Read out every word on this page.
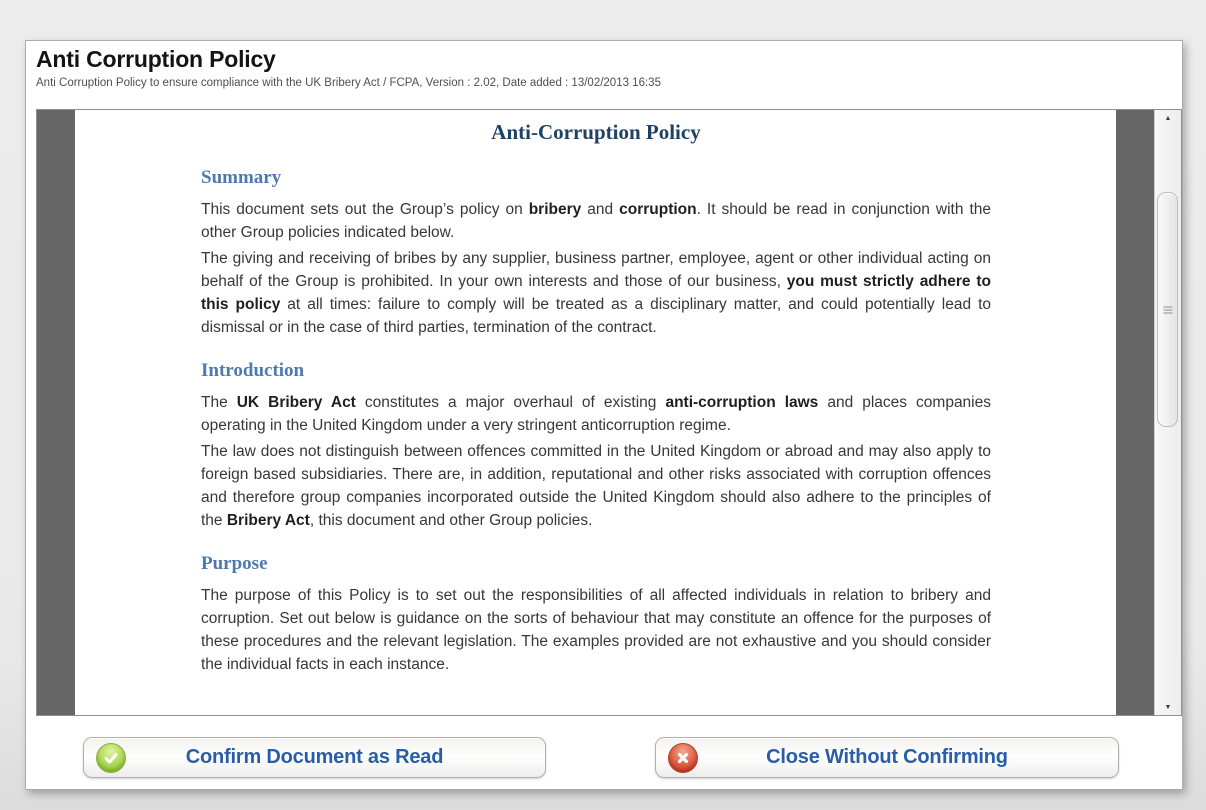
Anti Corruption Policy
Anti Corruption Policy to ensure compliance with the UK Bribery Act / FCPA, Version : 2.02, Date added : 13/02/2013 16:35
Anti-Corruption Policy
Summary

This document sets out the Group’s policy on bribery and corruption. It should be read in conjunction with the other Group policies indicated below.

The giving and receiving of bribes by any supplier, business partner, employee, agent or other individual acting on behalf of the Group is prohibited. In your own interests and those of our business, you must strictly adhere to this policy at all times: failure to comply will be treated as a disciplinary matter, and could potentially lead to dismissal or in the case of third parties, termination of the contract.

Introduction

The UK Bribery Act constitutes a major overhaul of existing anti-corruption laws and places companies operating in the United Kingdom under a very stringent anticorruption regime.

The law does not distinguish between offences committed in the United Kingdom or abroad and may also apply to foreign based subsidiaries. There are, in addition, reputational and other risks associated with corruption offences and therefore group companies incorporated outside the United Kingdom should also adhere to the principles of the Bribery Act, this document and other Group policies.

Purpose

The purpose of this Policy is to set out the responsibilities of all affected individuals in relation to bribery and corruption. Set out below is guidance on the sorts of behaviour that may constitute an offence for the purposes of these procedures and the relevant legislation. The examples provided are not exhaustive and you should consider the individual facts in each instance.

▲
▼
Confirm Document as Read	Close Without Confirming
